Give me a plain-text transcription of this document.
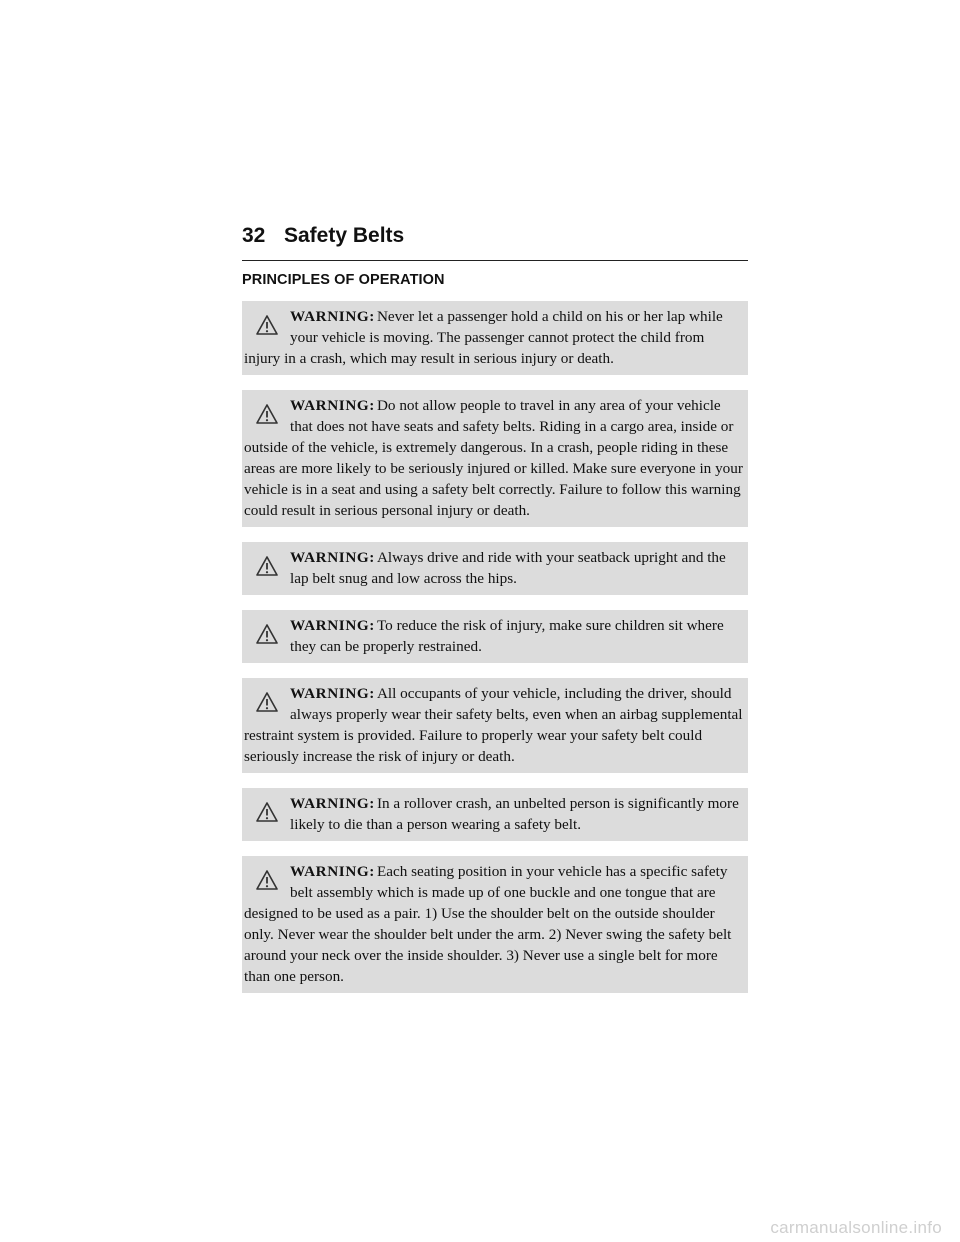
32 Safety Belts
PRINCIPLES OF OPERATION
WARNING: Never let a passenger hold a child on his or her lap while your vehicle is moving. The passenger cannot protect the child from injury in a crash, which may result in serious injury or death.
WARNING: Do not allow people to travel in any area of your vehicle that does not have seats and safety belts. Riding in a cargo area, inside or outside of the vehicle, is extremely dangerous. In a crash, people riding in these areas are more likely to be seriously injured or killed. Make sure everyone in your vehicle is in a seat and using a safety belt correctly. Failure to follow this warning could result in serious personal injury or death.
WARNING: Always drive and ride with your seatback upright and the lap belt snug and low across the hips.
WARNING: To reduce the risk of injury, make sure children sit where they can be properly restrained.
WARNING: All occupants of your vehicle, including the driver, should always properly wear their safety belts, even when an airbag supplemental restraint system is provided. Failure to properly wear your safety belt could seriously increase the risk of injury or death.
WARNING: In a rollover crash, an unbelted person is significantly more likely to die than a person wearing a safety belt.
WARNING: Each seating position in your vehicle has a specific safety belt assembly which is made up of one buckle and one tongue that are designed to be used as a pair. 1) Use the shoulder belt on the outside shoulder only. Never wear the shoulder belt under the arm. 2) Never swing the safety belt around your neck over the inside shoulder. 3) Never use a single belt for more than one person.
carmanualsonline.info
